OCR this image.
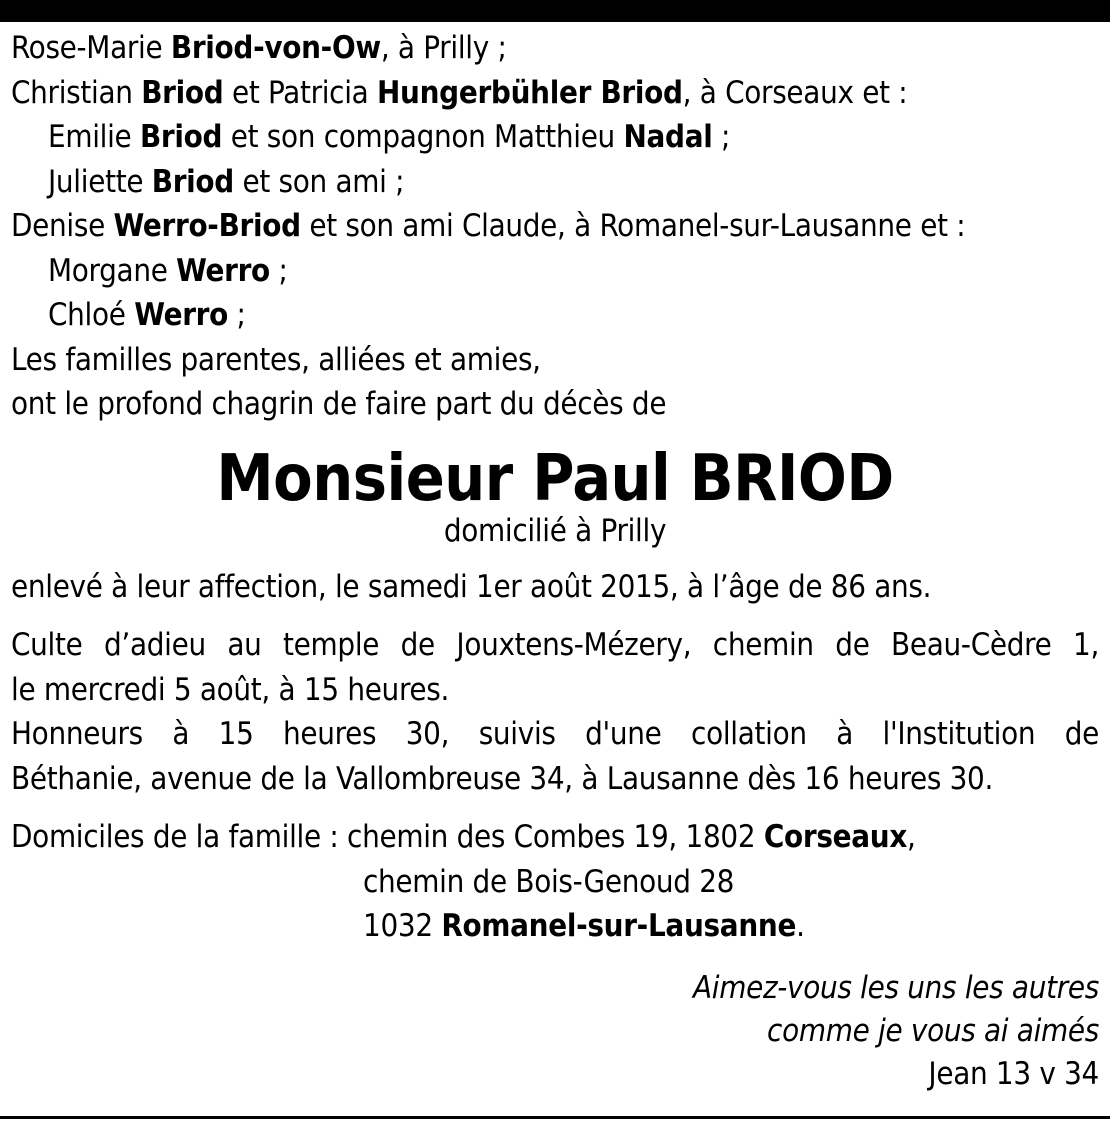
Rose-Marie Briod-von-Ow, à Prilly ;
Christian Briod et Patricia Hungerbühler Briod, à Corseaux et :
Emilie Briod et son compagnon Matthieu Nadal ;
Juliette Briod et son ami ;
Denise Werro-Briod et son ami Claude, à Romanel-sur-Lausanne et :
Morgane Werro ;
Chloé Werro ;
Les familles parentes, alliées et amies,
ont le profond chagrin de faire part du décès de
Monsieur Paul BRIOD
domicilié à Prilly
enlevé à leur affection, le samedi 1er août 2015, à l’âge de 86 ans.
Culte d’adieu au temple de Jouxtens-Mézery, chemin de Beau-Cèdre 1,
le mercredi 5 août, à 15 heures.
Honneurs à 15 heures 30, suivis d'une collation à l'Institution de
Béthanie, avenue de la Vallombreuse 34, à Lausanne dès 16 heures 30.
Domiciles de la famille : chemin des Combes 19, 1802 Corseaux,
chemin de Bois-Genoud 28
1032 Romanel-sur-Lausanne.
Aimez-vous les uns les autres
comme je vous ai aimés
Jean 13 v 34
